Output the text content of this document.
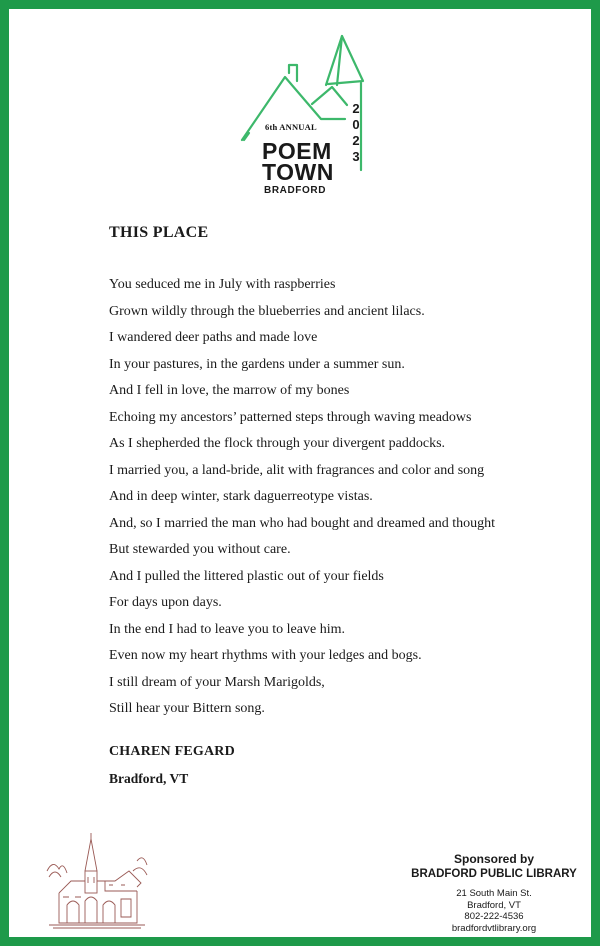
6th ANNUAL
POEM
TOWN
BRADFORD
2
0
2
3
THIS PLACE
You seduced me in July with raspberries
Grown wildly through the blueberries and ancient lilacs.
I wandered deer paths and made love
In your pastures, in the gardens under a summer sun.
And I fell in love, the marrow of my bones
Echoing my ancestors’ patterned steps through waving meadows
As I shepherded the flock through your divergent paddocks.
I married you, a land-bride, alit with fragrances and color and song
And in deep winter, stark daguerreotype vistas.
And, so I married the man who had bought and dreamed and thought
But stewarded you without care.
And I pulled the littered plastic out of your fields
For days upon days.
In the end I had to leave you to leave him.
Even now my heart rhythms with your ledges and bogs.
I still dream of your Marsh Marigolds,
Still hear your Bittern song.
CHAREN FEGARD
Bradford, VT
Sponsored by
BRADFORD PUBLIC LIBRARY
21 South Main St.
Bradford, VT
802-222-4536
bradfordvtlibrary.org
